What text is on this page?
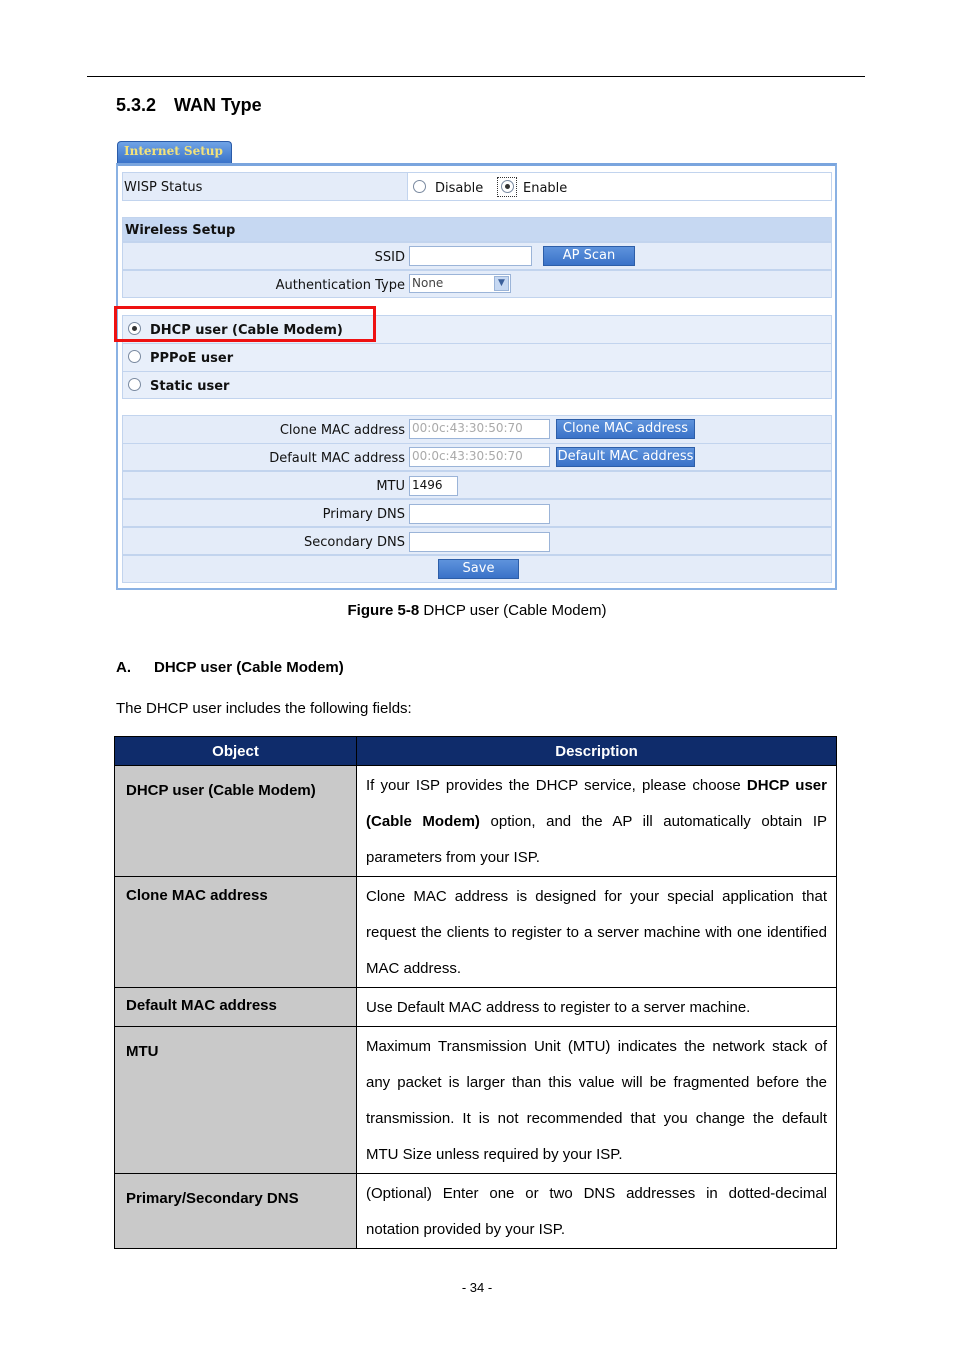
5.3.2 WAN Type
Internet Setup
WISP Status	Disable	Enable
Wireless Setup
SSID	AP Scan
Authentication Type None	▼
DHCP user (Cable Modem)
PPPoE user
Static user
Clone MAC address 00:0c:43:30:50:70	Clone MAC address
Default MAC address 00:0c:43:30:50:70	Default MAC address
MTU 1496
Primary DNS
Secondary DNS
Save
Figure 5-8 DHCP user (Cable Modem)
A. DHCP user (Cable Modem)
The DHCP user includes the following fields:
Object	Description
DHCP user (Cable Modem)	If your ISP provides the DHCP service, please choose DHCP user (Cable Modem) option, and the AP ill automatically obtain IP parameters from your ISP.
Clone MAC address	Clone MAC address is designed for your special application that request the clients to register to a server machine with one identified MAC address.
Default MAC address	Use Default MAC address to register to a server machine.
MTU	Maximum Transmission Unit (MTU) indicates the network stack of any packet is larger than this value will be fragmented before the transmission. It is not recommended that you change the default MTU Size unless required by your ISP.
Primary/Secondary DNS	(Optional) Enter one or two DNS addresses in dotted-decimal notation provided by your ISP.
- 34 -
